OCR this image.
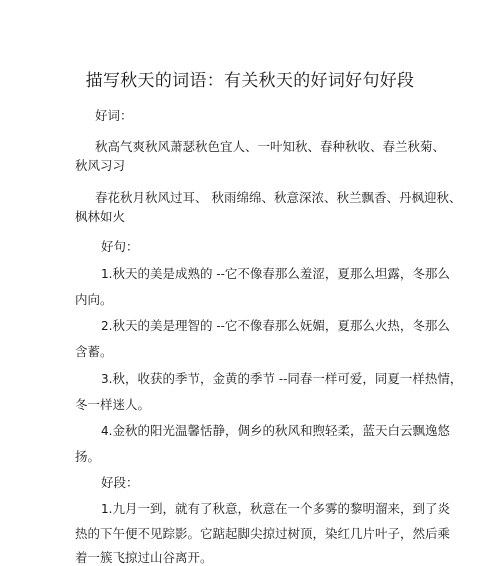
描写秋天的词语：有关秋天的好词好句好段
好词：
秋高气爽秋风萧瑟秋色宜人、一叶知秋、春种秋收、春兰秋菊、
秋风习习
春花秋月秋风过耳、 秋雨绵绵、秋意深浓、秋兰飘香、丹枫迎秋、
枫林如火
好句：
1.秋天的美是成熟的 --它不像春那么羞涩，夏那么坦露，冬那么
内向。
2.秋天的美是理智的 --它不像春那么妩媚，夏那么火热，冬那么
含蓄。
3.秋，收获的季节，金黄的季节 --同春一样可爱，同夏一样热情，
冬一样迷人。
4.金秋的阳光温馨恬静，倜乡的秋风和煦轻柔，蓝天白云飘逸悠
扬。
好段：
1.九月一到，就有了秋意，秋意在一个多雾的黎明溜来，到了炎
热的下午便不见踪影。它踮起脚尖掠过树顶，染红几片叶子，然后乘
着一簇飞掠过山谷离开。
